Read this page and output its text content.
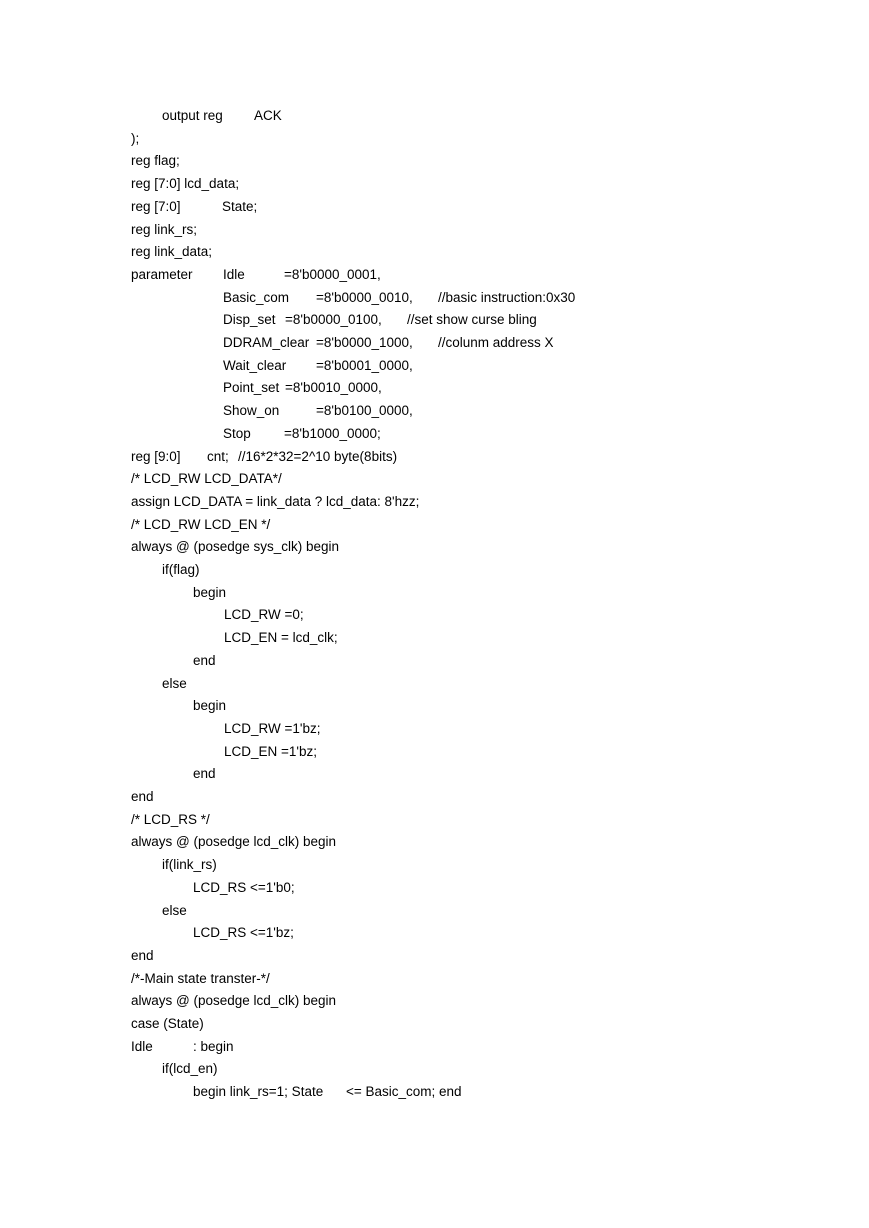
output reg ACK
);
reg flag;
reg [7:0] lcd_data;
reg [7:0]	State;
reg link_rs;
reg link_data;
parameter Idle	=8'b0000_0001,
Basic_com =8'b0000_0010, //basic instruction:0x30
Disp_set =8'b0000_0100, //set show curse bling
DDRAM_clear =8'b0000_1000, //colunm address X
Wait_clear =8'b0001_0000,
Point_set =8'b0010_0000,
Show_on	=8'b0100_0000,
Stop =8'b1000_0000;
reg [9:0] cnt; //16*2*32=2^10 byte(8bits)
/* LCD_RW LCD_DATA*/
assign LCD_DATA = link_data ? lcd_data: 8'hzz;
/* LCD_RW LCD_EN */
always @ (posedge sys_clk) begin
if(flag)
begin
LCD_RW =0;
LCD_EN = lcd_clk;
end
else
begin
LCD_RW =1'bz;
LCD_EN =1'bz;
end
end
/* LCD_RS */
always @ (posedge lcd_clk) begin
if(link_rs)
LCD_RS <=1'b0;
else
LCD_RS <=1'bz;
end
/*-Main state transter-*/
always @ (posedge lcd_clk) begin
case (State)
Idle	: begin
if(lcd_en)
begin link_rs=1; State <= Basic_com; end
